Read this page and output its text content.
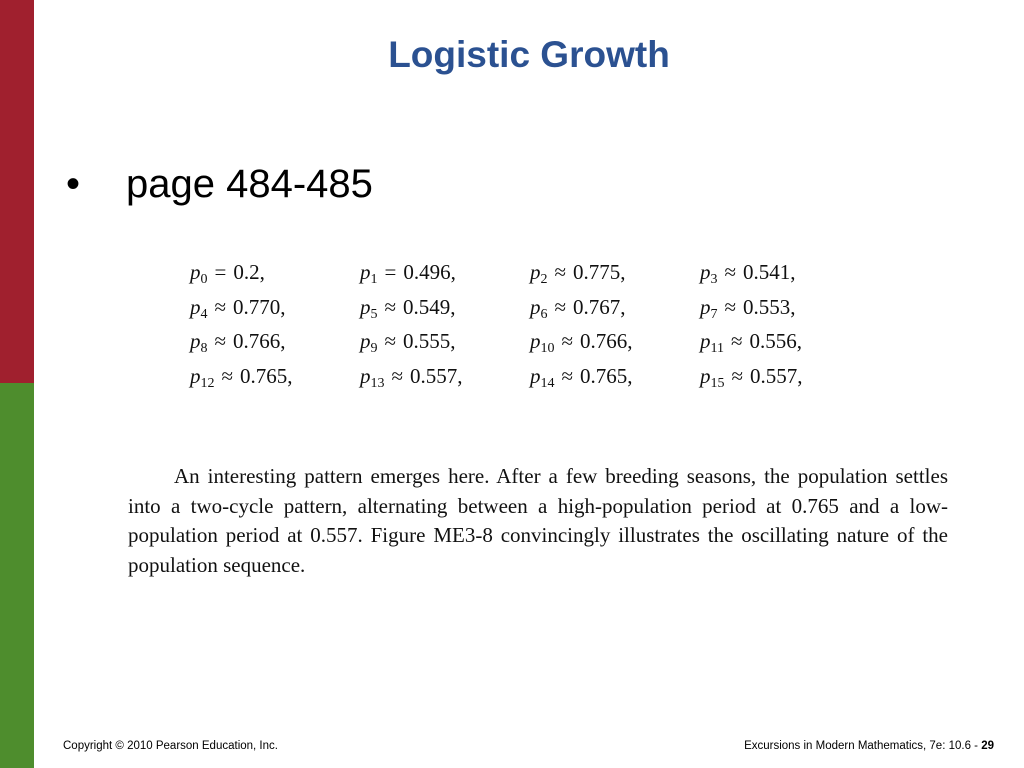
Logistic Growth
• page 484-485
$p_0 = 0.2$,	$p_1 = 0.496$,	$p_2 \approx 0.775$,	$p_3 \approx 0.541$,
$p_4 \approx 0.770$,	$p_5 \approx 0.549$,	$p_6 \approx 0.767$,	$p_7 \approx 0.553$,
$p_8 \approx 0.766$,	$p_9 \approx 0.555$,	$p_{10} \approx 0.766$,	$p_{11} \approx 0.556$,
$p_{12} \approx 0.765$,	$p_{13} \approx 0.557$,	$p_{14} \approx 0.765$,	$p_{15} \approx 0.557$,
An interesting pattern emerges here. After a few breeding seasons, the population settles into a two-cycle pattern, alternating between a high-population period at 0.765 and a low-population period at 0.557. Figure ME3-8 convincingly illustrates the oscillating nature of the population sequence.
Copyright © 2010 Pearson Education, Inc.	Excursions in Modern Mathematics, 7e: 10.6 - 29
